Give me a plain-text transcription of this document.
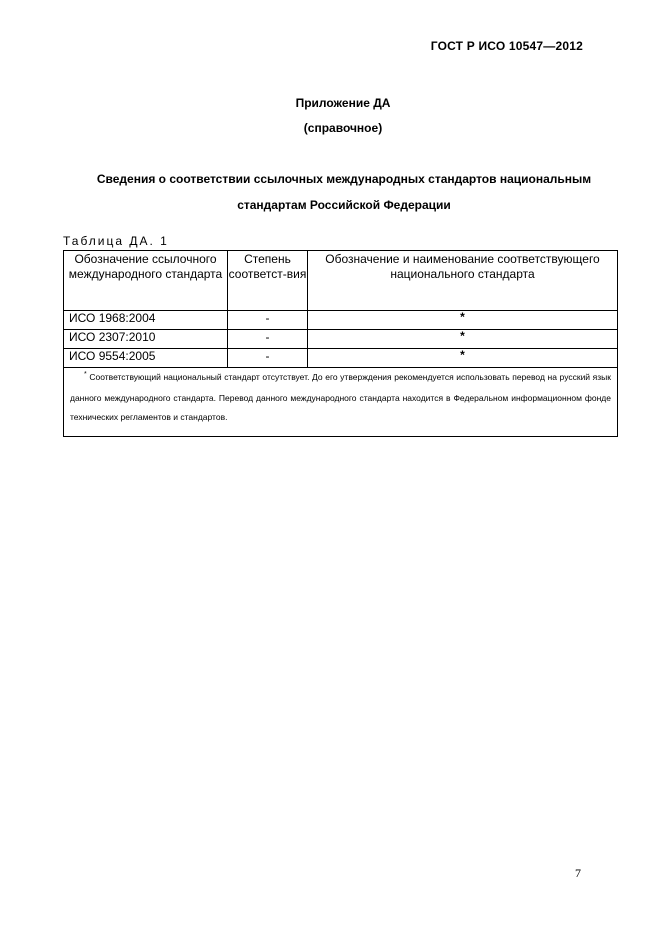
ГОСТ Р ИСО 10547—2012
Приложение ДА
(справочное)
Сведения о соответствии ссылочных международных стандартов национальным стандартам Российской Федерации
Таблица ДА. 1
Обозначение ссылочного международного стандарта	Степень соответст-вия	Обозначение и наименование соответствующего национального стандарта
ИСО 1968:2004	-	*
ИСО 2307:2010	-	*
ИСО 9554:2005	-	*
* Соответствующий национальный стандарт отсутствует. До его утверждения рекомендуется использовать перевод на русский язык данного международного стандарта. Перевод данного международного стандарта находится в Федеральном информационном фонде технических регламентов и стандартов.		
7
